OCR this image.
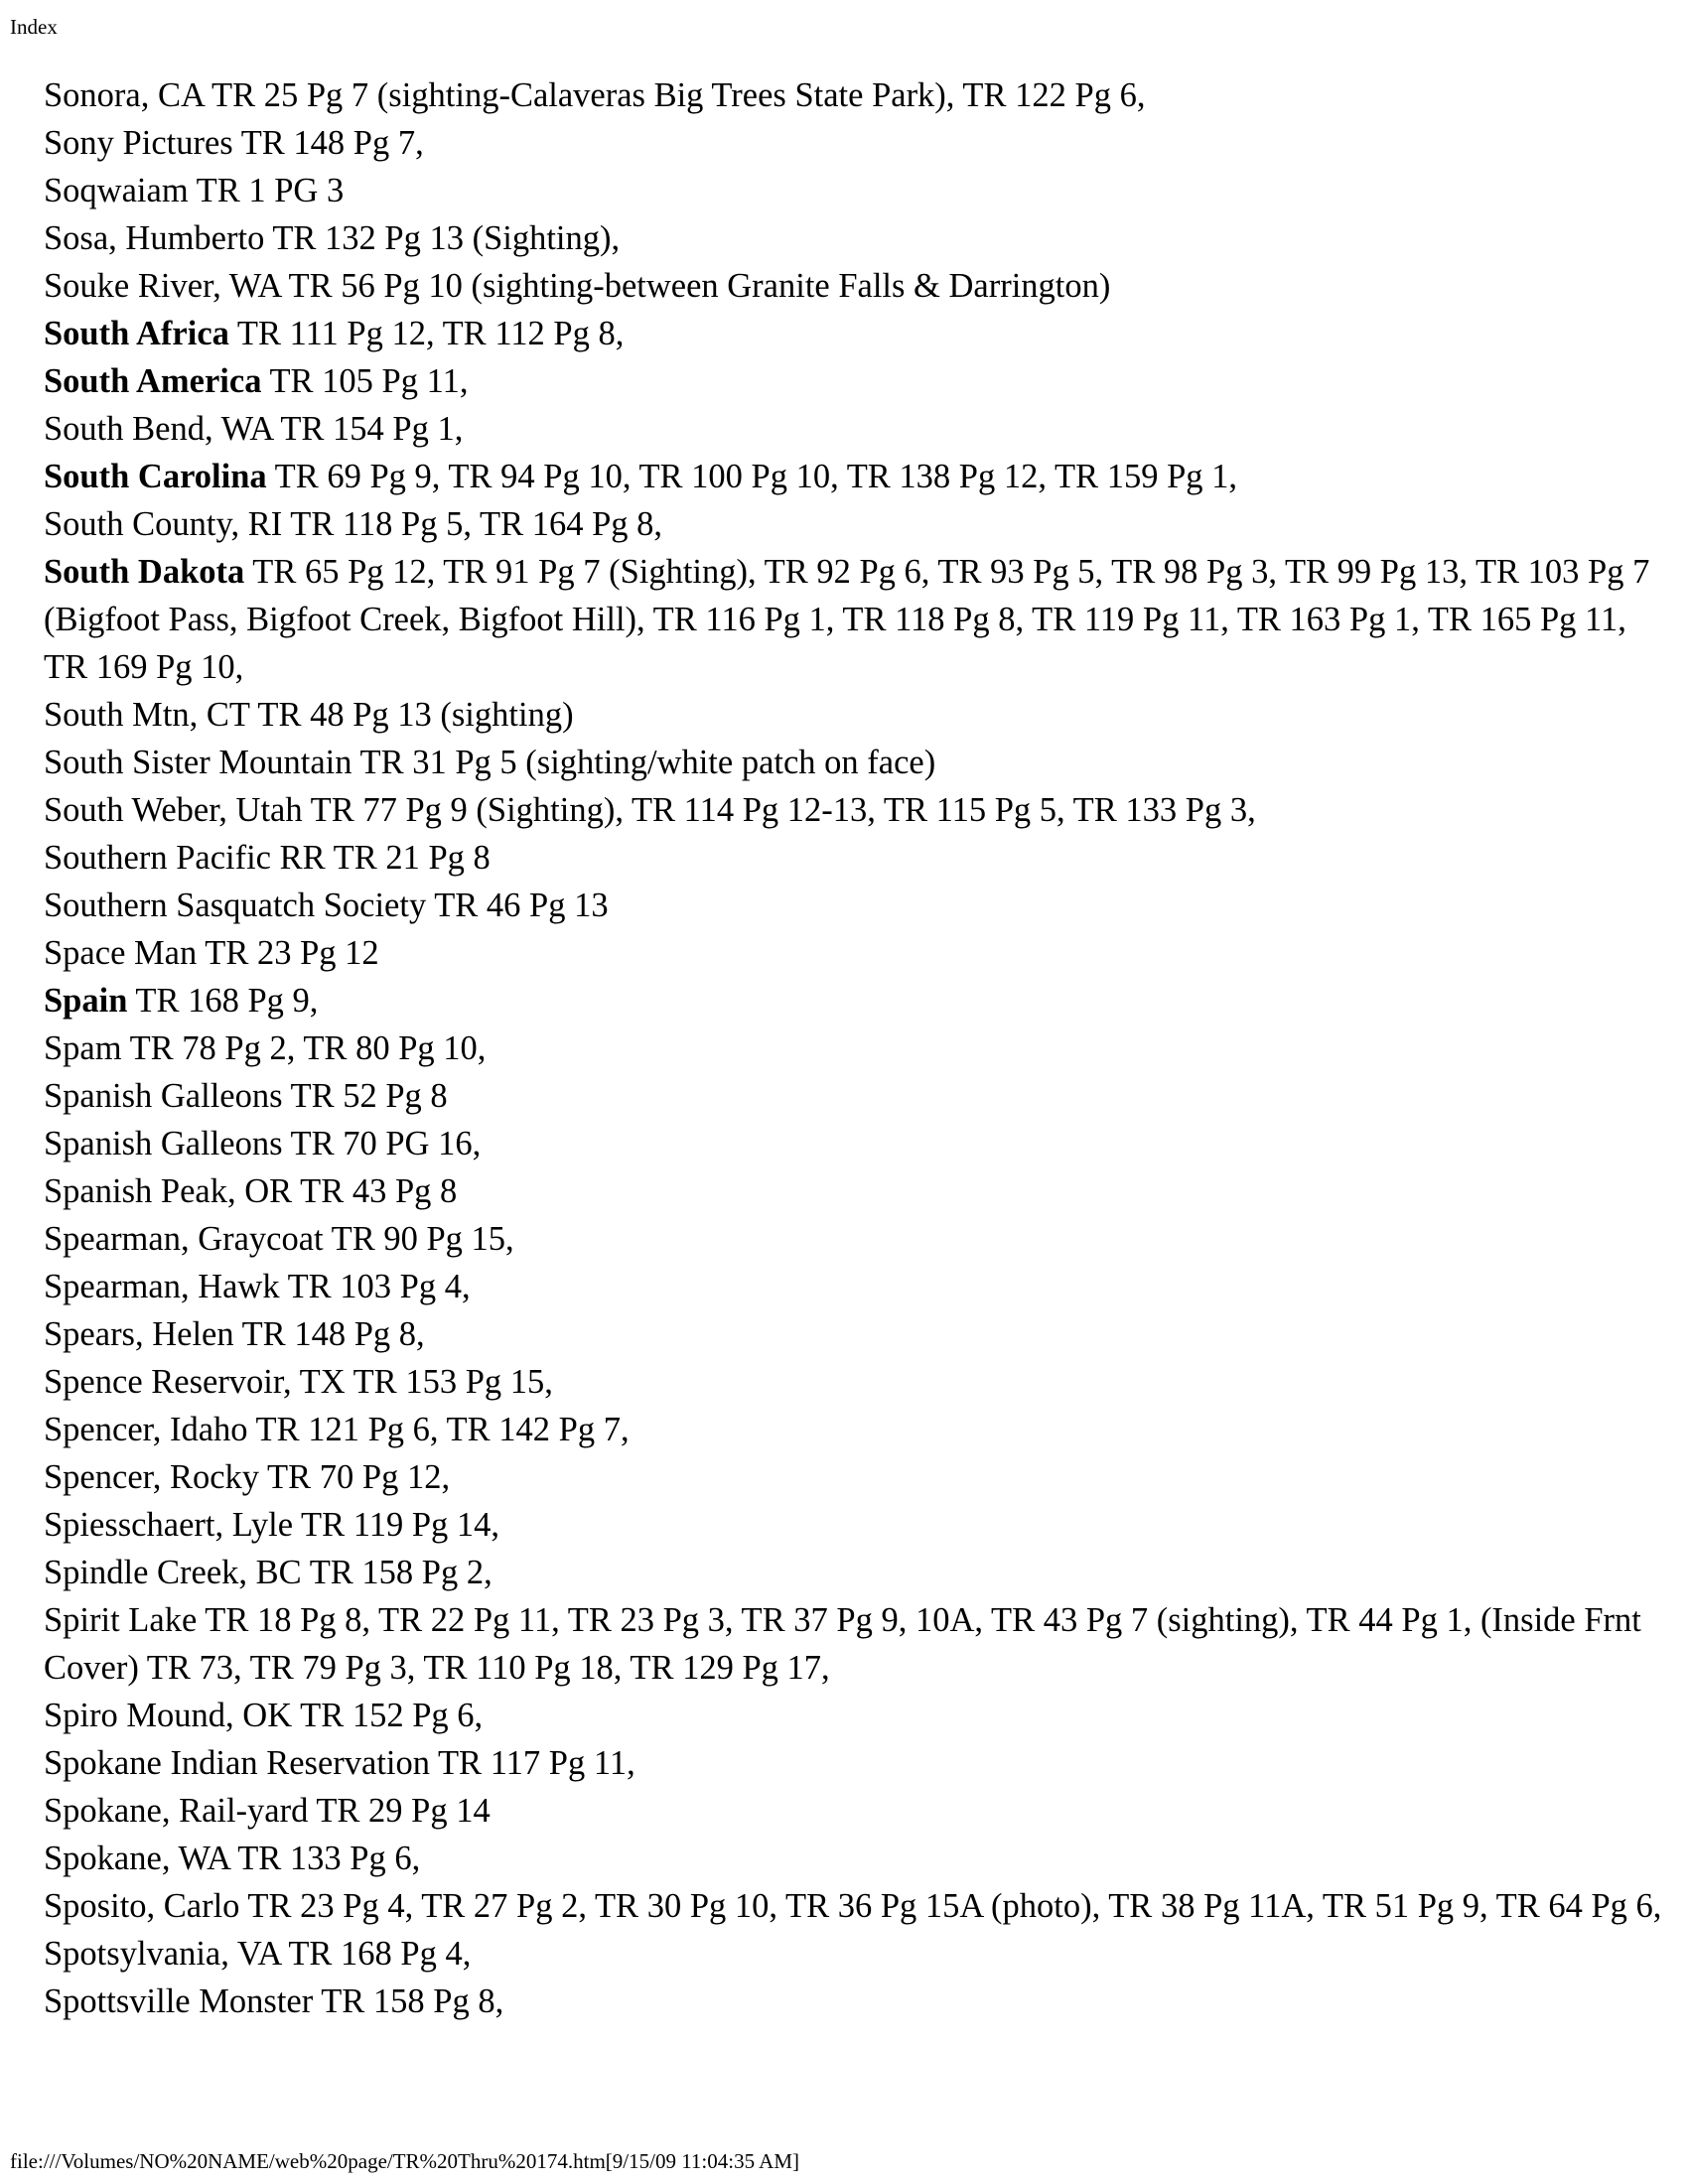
Index

Sonora, CA TR 25 Pg 7 (sighting-Calaveras Big Trees State Park), TR 122 Pg 6,

Sony Pictures TR 148 Pg 7,

Soqwaiam TR 1 PG 3

Sosa, Humberto TR 132 Pg 13 (Sighting),

Souke River, WA TR 56 Pg 10 (sighting-between Granite Falls & Darrington)

South Africa TR 111 Pg 12, TR 112 Pg 8,

South America TR 105 Pg 11,

South Bend, WA TR 154 Pg 1,

South Carolina TR 69 Pg 9, TR 94 Pg 10, TR 100 Pg 10, TR 138 Pg 12, TR 159 Pg 1,

South County, RI TR 118 Pg 5, TR 164 Pg 8,

South Dakota TR 65 Pg 12, TR 91 Pg 7 (Sighting), TR 92 Pg 6, TR 93 Pg 5, TR 98 Pg 3, TR 99 Pg 13, TR 103 Pg 7 (Bigfoot Pass, Bigfoot Creek, Bigfoot Hill), TR 116 Pg 1, TR 118 Pg 8, TR 119 Pg 11, TR 163 Pg 1, TR 165 Pg 11, TR 169 Pg 10,

South Mtn, CT TR 48 Pg 13 (sighting)

South Sister Mountain TR 31 Pg 5 (sighting/white patch on face)

South Weber, Utah TR 77 Pg 9 (Sighting), TR 114 Pg 12-13, TR 115 Pg 5, TR 133 Pg 3,

Southern Pacific RR TR 21 Pg 8

Southern Sasquatch Society TR 46 Pg 13

Space Man TR 23 Pg 12

Spain TR 168 Pg 9,

Spam TR 78 Pg 2, TR 80 Pg 10,

Spanish Galleons TR 52 Pg 8

Spanish Galleons TR 70 PG 16,

Spanish Peak, OR TR 43 Pg 8

Spearman, Graycoat TR 90 Pg 15,

Spearman, Hawk TR 103 Pg 4,

Spears, Helen TR 148 Pg 8,

Spence Reservoir, TX TR 153 Pg 15,

Spencer, Idaho TR 121 Pg 6, TR 142 Pg 7,

Spencer, Rocky TR 70 Pg 12,

Spiesschaert, Lyle TR 119 Pg 14,

Spindle Creek, BC TR 158 Pg 2,

Spirit Lake TR 18 Pg 8, TR 22 Pg 11, TR 23 Pg 3, TR 37 Pg 9, 10A, TR 43 Pg 7 (sighting), TR 44 Pg 1, (Inside Frnt Cover) TR 73, TR 79 Pg 3, TR 110 Pg 18, TR 129 Pg 17,

Spiro Mound, OK TR 152 Pg 6,

Spokane Indian Reservation TR 117 Pg 11,

Spokane, Rail-yard TR 29 Pg 14

Spokane, WA TR 133 Pg 6,

Sposito, Carlo TR 23 Pg 4, TR 27 Pg 2, TR 30 Pg 10, TR 36 Pg 15A (photo), TR 38 Pg 11A, TR 51 Pg 9, TR 64 Pg 6,

Spotsylvania, VA TR 168 Pg 4,

Spottsville Monster TR 158 Pg 8,

file:///Volumes/NO%20NAME/web%20page/TR%20Thru%20174.htm[9/15/09 11:04:35 AM]
